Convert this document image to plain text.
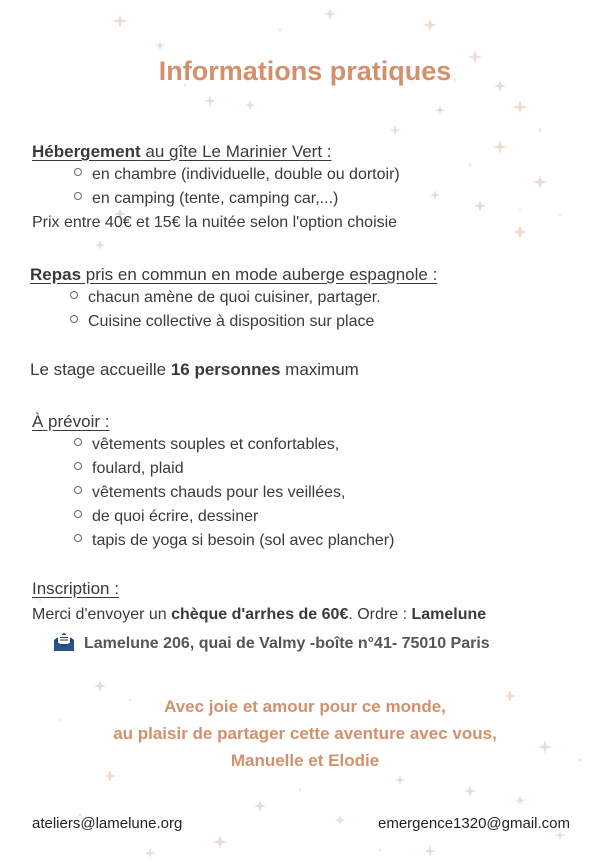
Informations pratiques
Hébergement au gîte Le Marinier Vert :
en chambre (individuelle, double ou dortoir)
en camping (tente, camping car,...)
Prix entre 40€ et 15€ la nuitée selon l'option choisie
Repas pris en commun en mode auberge espagnole :
chacun amène de quoi cuisiner, partager.
Cuisine collective à disposition sur place
Le stage accueille 16 personnes maximum
À prévoir :
vêtements souples et confortables,
foulard, plaid
vêtements chauds pour les veillées,
de quoi écrire, dessiner
tapis de yoga si besoin (sol avec plancher)
Inscription :
Merci d'envoyer un chèque d'arrhes de 60€. Ordre : Lamelune
Lamelune 206, quai de Valmy -boîte n°41- 75010 Paris
Avec joie et amour pour ce monde,
au plaisir de partager cette aventure avec vous,
Manuelle et Elodie
ateliers@lamelune.org	emergence1320@gmail.com
